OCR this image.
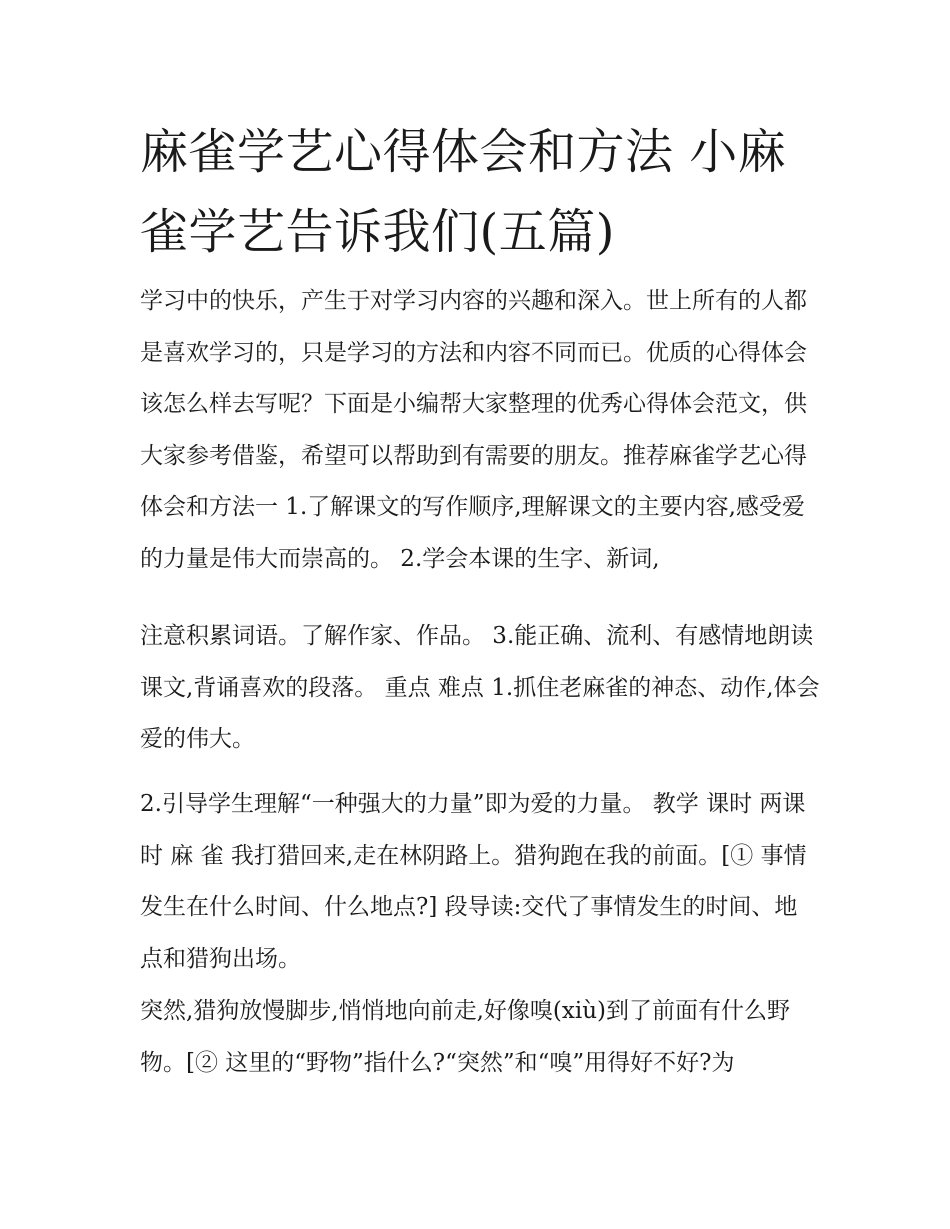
麻雀学艺心得体会和方法 小麻雀学艺告诉我们(五篇)

学习中的快乐，产生于对学习内容的兴趣和深入。世上所有的人都是喜欢学习的，只是学习的方法和内容不同而已。优质的心得体会该怎么样去写呢？下面是小编帮大家整理的优秀心得体会范文，供大家参考借鉴，希望可以帮助到有需要的朋友。推荐麻雀学艺心得体会和方法一 1.了解课文的写作顺序,理解课文的主要内容,感受爱的力量是伟大而崇高的。 2.学会本课的生字、新词,

注意积累词语。了解作家、作品。 3.能正确、流利、有感情地朗读课文,背诵喜欢的段落。 重点 难点 1.抓住老麻雀的神态、动作,体会爱的伟大。

2.引导学生理解“一种强大的力量”即为爱的力量。 教学 课时 两课时 麻 雀 我打猎回来,走在林阴路上。猎狗跑在我的前面。[① 事情发生在什么时间、什么地点?] 段导读:交代了事情发生的时间、地点和猎狗出场。

突然,猎狗放慢脚步,悄悄地向前走,好像嗅(xiù)到了前面有什么野物。[② 这里的“野物”指什么?“突然”和“嗅”用得好不好?为
